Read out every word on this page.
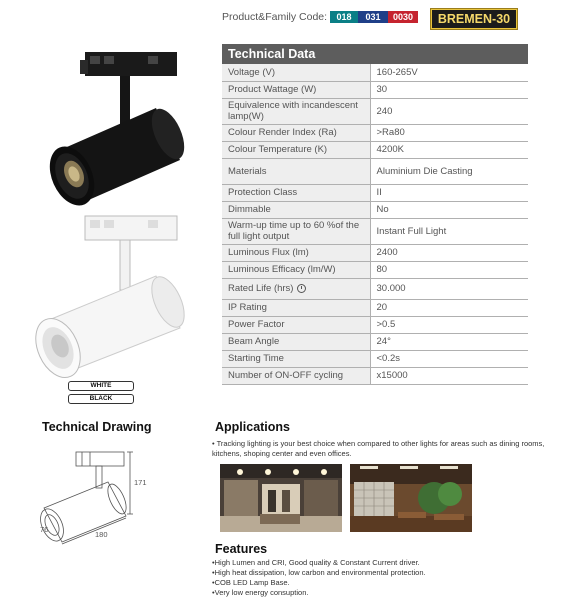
Product&Family Code:	018	031	0030	BREMEN-30
WHITE
BLACK
Technical Data	
Voltage (V)	160-265V
Product Wattage (W)	30
Equivalence with incandescent lamp(W)	240
Colour Render Index (Ra)	>Ra80
Colour Temperature (K)	4200K
Materials	Aluminium Die Casting
Protection Class	II
Dimmable	No
Warm-up time up to 60 %of the full light output	Instant Full Light
Luminous Flux (lm)	2400
Luminous Efficacy (lm/W)	80
Rated Life (hrs)	30.000
IP Rating	20
Power Factor	>0.5
Beam Angle	24°
Starting Time	<0.2s
Number of ON-OFF cycling	x15000
Technical Drawing
171
180
76
Applications
• Tracking lighting is your best choice when compared to other lights for areas such as dining rooms, kitchens, shoping center and even offices.
Features
• High Lumen and CRI, Good quality & Constant Current driver.
• High heat dissipation, low carbon and environmental protection.
• COB LED Lamp Base.
• Very low energy consuption.
